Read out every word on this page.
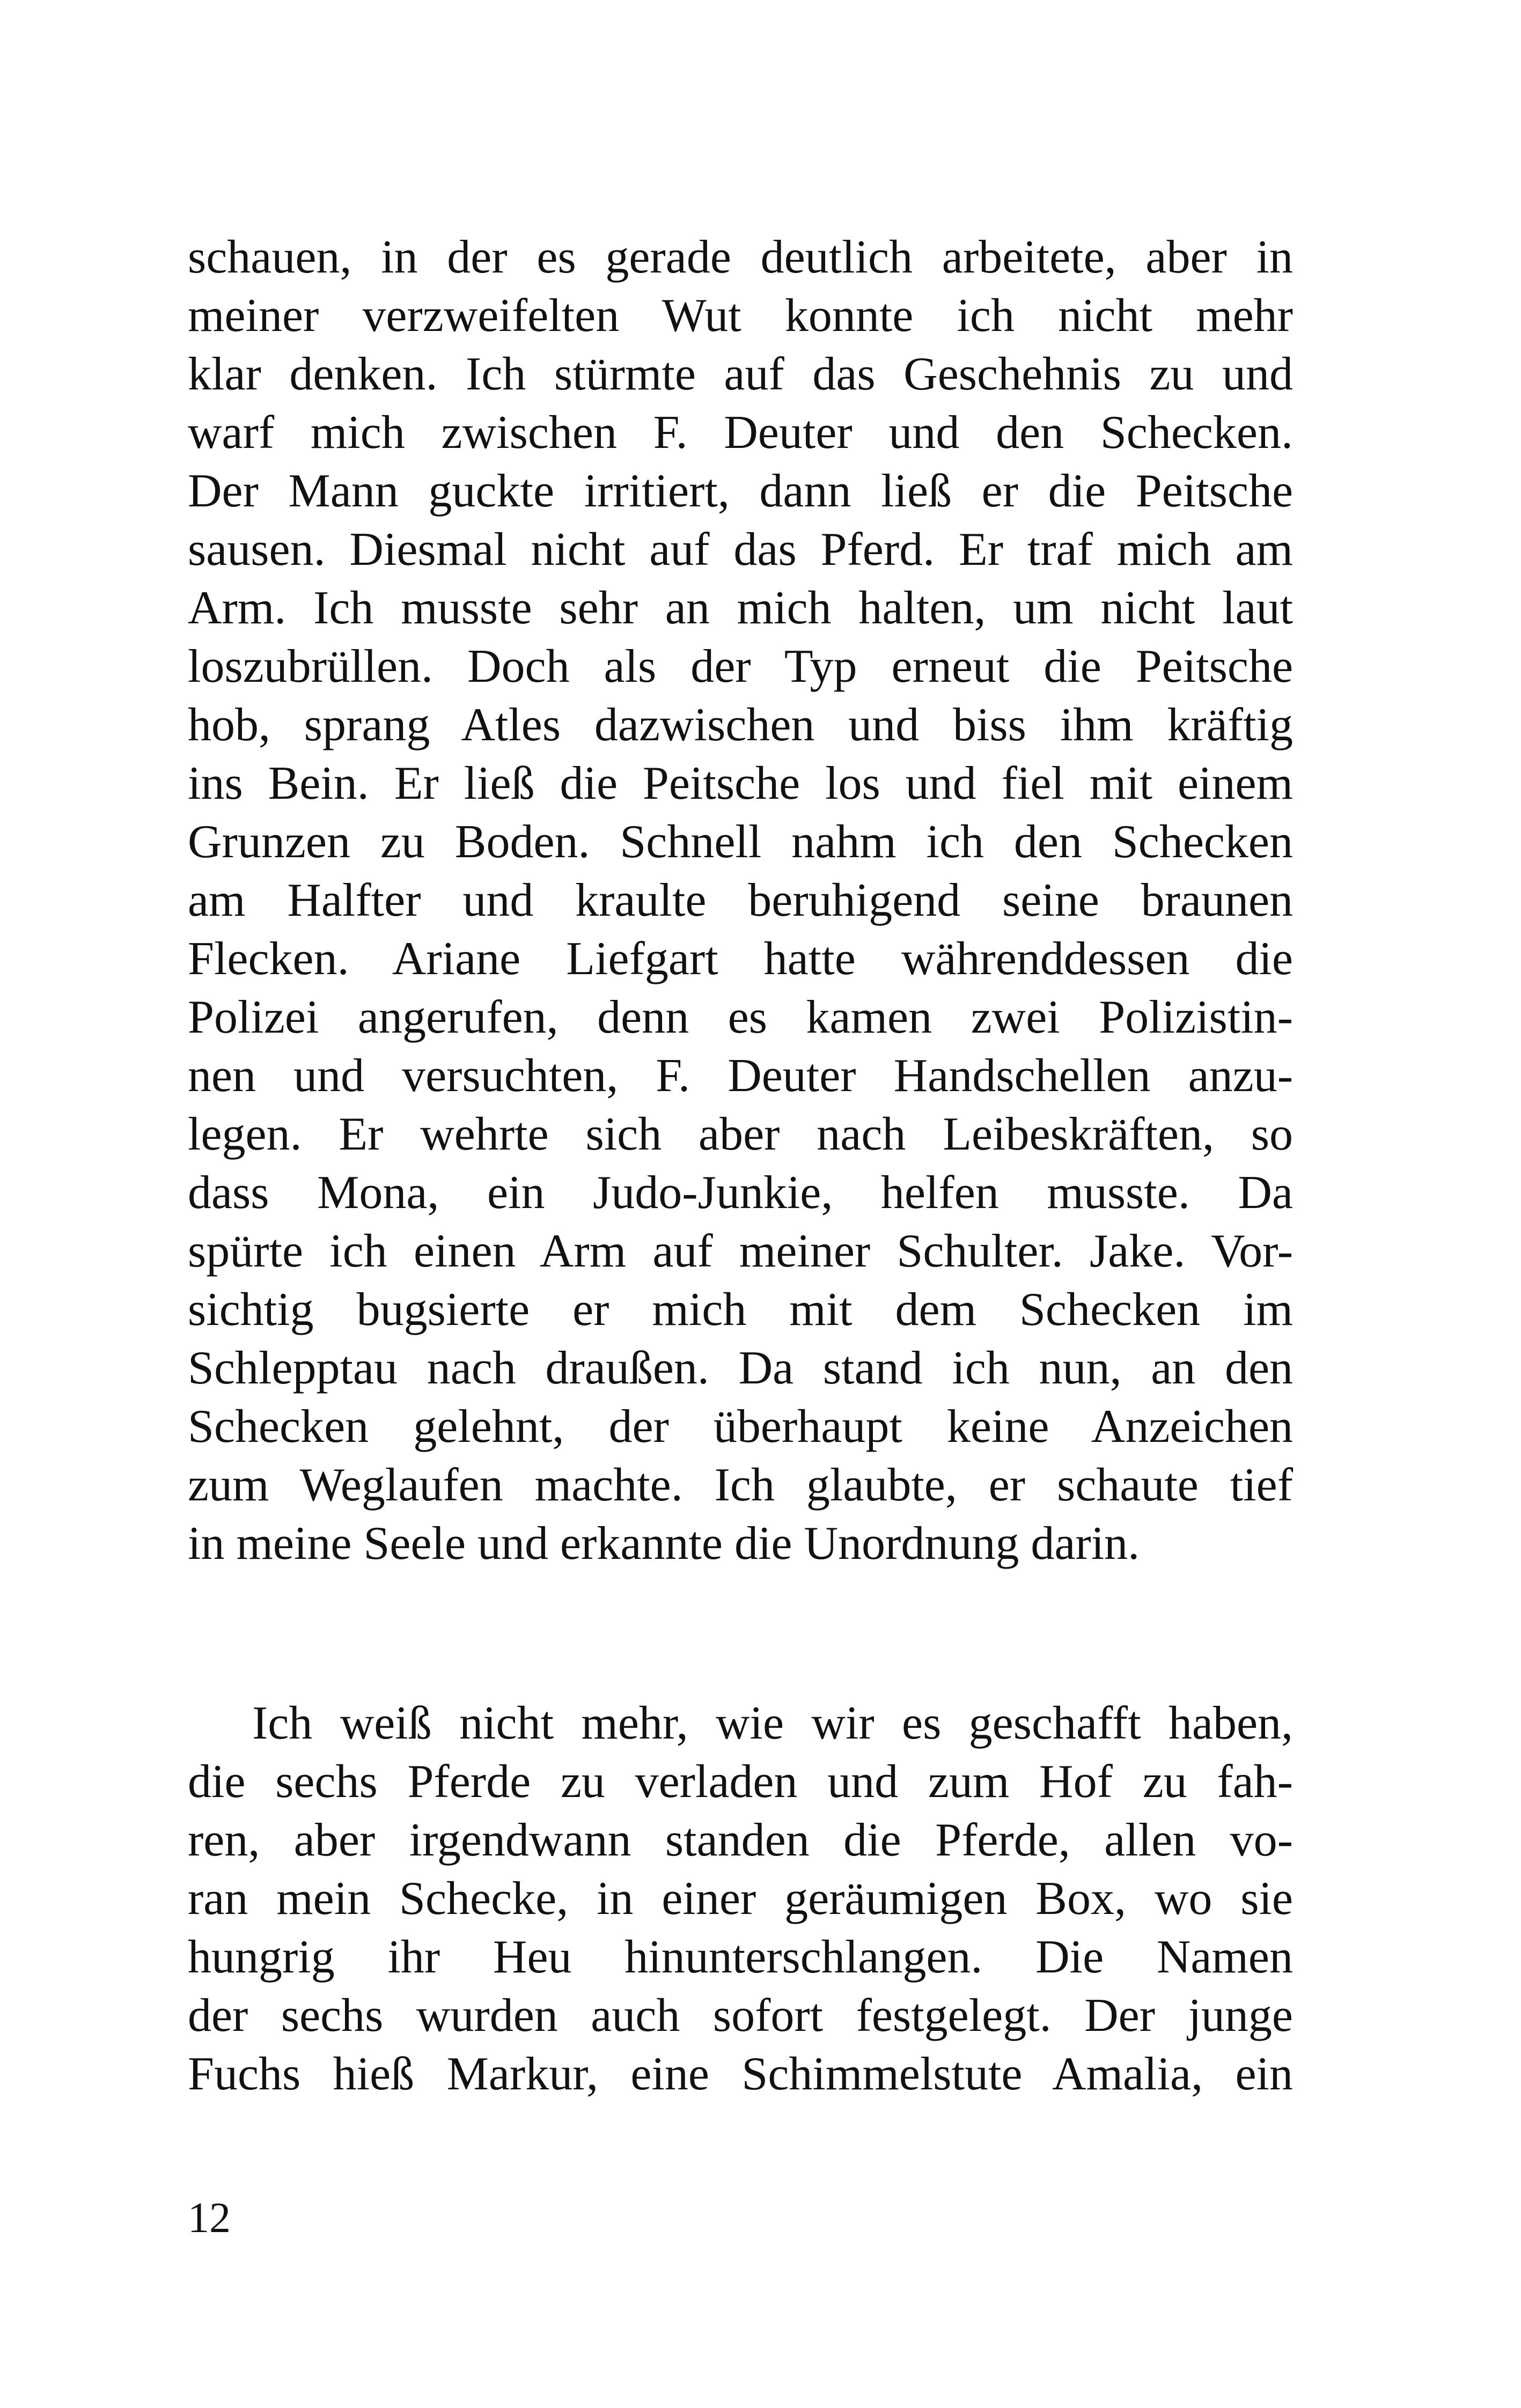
schauen, in der es gerade deutlich arbeitete, aber in
meiner verzweifelten Wut konnte ich nicht mehr
klar denken. Ich stürmte auf das Geschehnis zu und
warf mich zwischen F. Deuter und den Schecken.
Der Mann guckte irritiert, dann ließ er die Peitsche
sausen. Diesmal nicht auf das Pferd. Er traf mich am
Arm. Ich musste sehr an mich halten, um nicht laut
loszubrüllen. Doch als der Typ erneut die Peitsche
hob, sprang Atles dazwischen und biss ihm kräftig
ins Bein. Er ließ die Peitsche los und fiel mit einem
Grunzen zu Boden. Schnell nahm ich den Schecken
am Halfter und kraulte beruhigend seine braunen
Flecken. Ariane Liefgart hatte währenddessen die
Polizei angerufen, denn es kamen zwei Polizistin-
nen und versuchten, F. Deuter Handschellen anzu-
legen. Er wehrte sich aber nach Leibeskräften, so
dass Mona, ein Judo-Junkie, helfen musste. Da
spürte ich einen Arm auf meiner Schulter. Jake. Vor-
sichtig bugsierte er mich mit dem Schecken im
Schlepptau nach draußen. Da stand ich nun, an den
Schecken gelehnt, der überhaupt keine Anzeichen
zum Weglaufen machte. Ich glaubte, er schaute tief
in meine Seele und erkannte die Unordnung darin.
Ich weiß nicht mehr, wie wir es geschafft haben,
die sechs Pferde zu verladen und zum Hof zu fah-
ren, aber irgendwann standen die Pferde, allen vo-
ran mein Schecke, in einer geräumigen Box, wo sie
hungrig ihr Heu hinunterschlangen. Die Namen
der sechs wurden auch sofort festgelegt. Der junge
Fuchs hieß Markur, eine Schimmelstute Amalia, ein
12
